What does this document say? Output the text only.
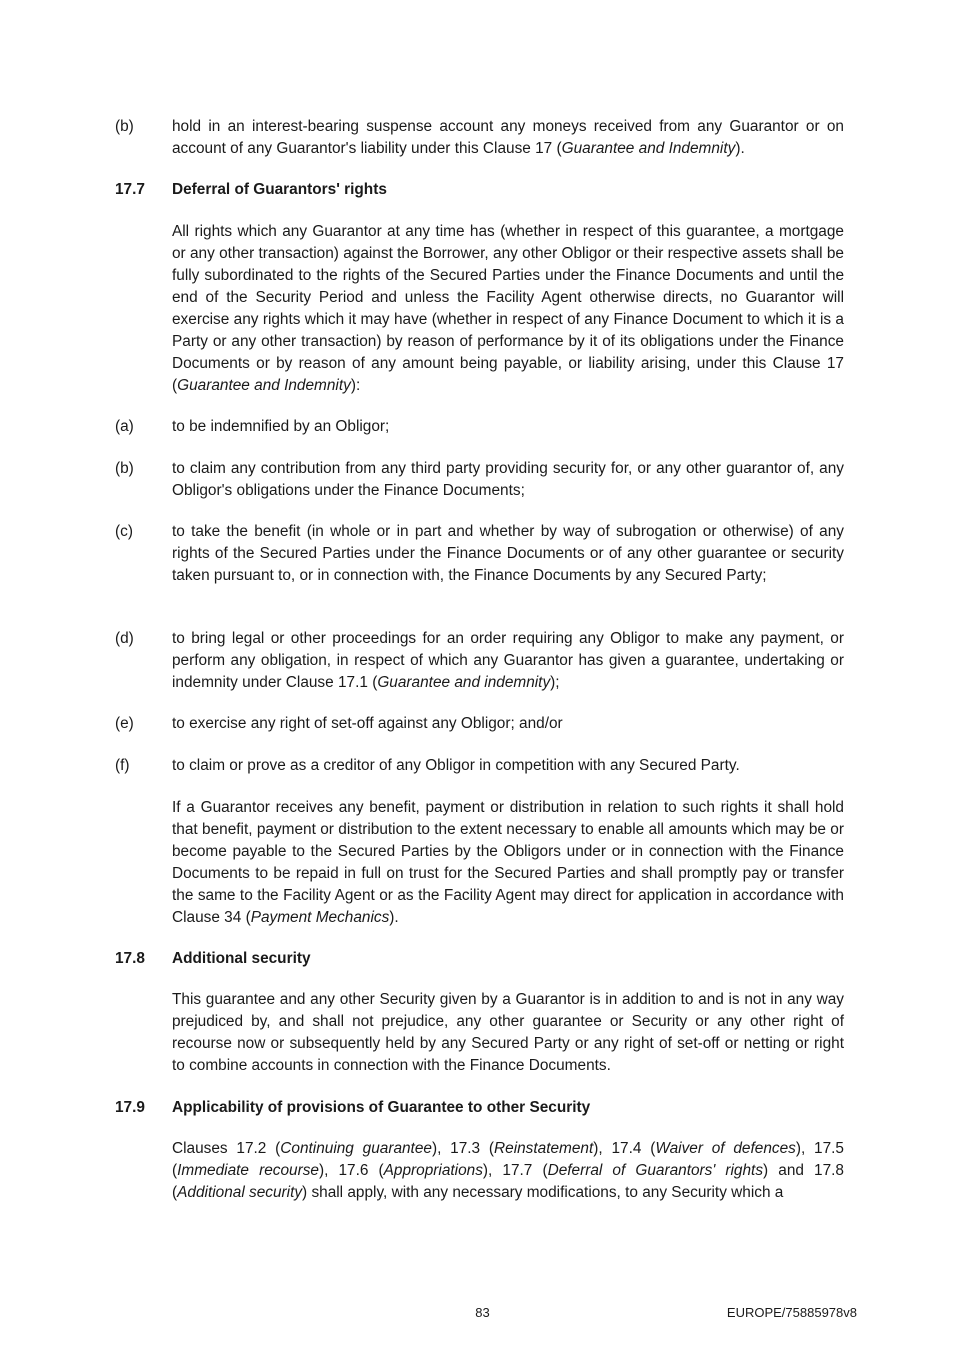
(b)	hold in an interest-bearing suspense account any moneys received from any Guarantor or on account of any Guarantor's liability under this Clause 17 (Guarantee and Indemnity).
17.7	Deferral of Guarantors' rights
All rights which any Guarantor at any time has (whether in respect of this guarantee, a mortgage or any other transaction) against the Borrower, any other Obligor or their respective assets shall be fully subordinated to the rights of the Secured Parties under the Finance Documents and until the end of the Security Period and unless the Facility Agent otherwise directs, no Guarantor will exercise any rights which it may have (whether in respect of any Finance Document to which it is a Party or any other transaction) by reason of performance by it of its obligations under the Finance Documents or by reason of any amount being payable, or liability arising, under this Clause 17 (Guarantee and Indemnity):
(a)	to be indemnified by an Obligor;
(b)	to claim any contribution from any third party providing security for, or any other guarantor of, any Obligor's obligations under the Finance Documents;
(c)	to take the benefit (in whole or in part and whether by way of subrogation or otherwise) of any rights of the Secured Parties under the Finance Documents or of any other guarantee or security taken pursuant to, or in connection with, the Finance Documents by any Secured Party;
(d)	to bring legal or other proceedings for an order requiring any Obligor to make any payment, or perform any obligation, in respect of which any Guarantor has given a guarantee, undertaking or indemnity under Clause 17.1 (Guarantee and indemnity);
(e)	to exercise any right of set-off against any Obligor; and/or
(f)	to claim or prove as a creditor of any Obligor in competition with any Secured Party.
If a Guarantor receives any benefit, payment or distribution in relation to such rights it shall hold that benefit, payment or distribution to the extent necessary to enable all amounts which may be or become payable to the Secured Parties by the Obligors under or in connection with the Finance Documents to be repaid in full on trust for the Secured Parties and shall promptly pay or transfer the same to the Facility Agent or as the Facility Agent may direct for application in accordance with Clause 34 (Payment Mechanics).
17.8	Additional security
This guarantee and any other Security given by a Guarantor is in addition to and is not in any way prejudiced by, and shall not prejudice, any other guarantee or Security or any other right of recourse now or subsequently held by any Secured Party or any right of set-off or netting or right to combine accounts in connection with the Finance Documents.
17.9	Applicability of provisions of Guarantee to other Security
Clauses 17.2 (Continuing guarantee), 17.3 (Reinstatement), 17.4 (Waiver of defences), 17.5 (Immediate recourse), 17.6 (Appropriations), 17.7 (Deferral of Guarantors' rights) and 17.8 (Additional security) shall apply, with any necessary modifications, to any Security which a
83	EUROPE/75885978v8
